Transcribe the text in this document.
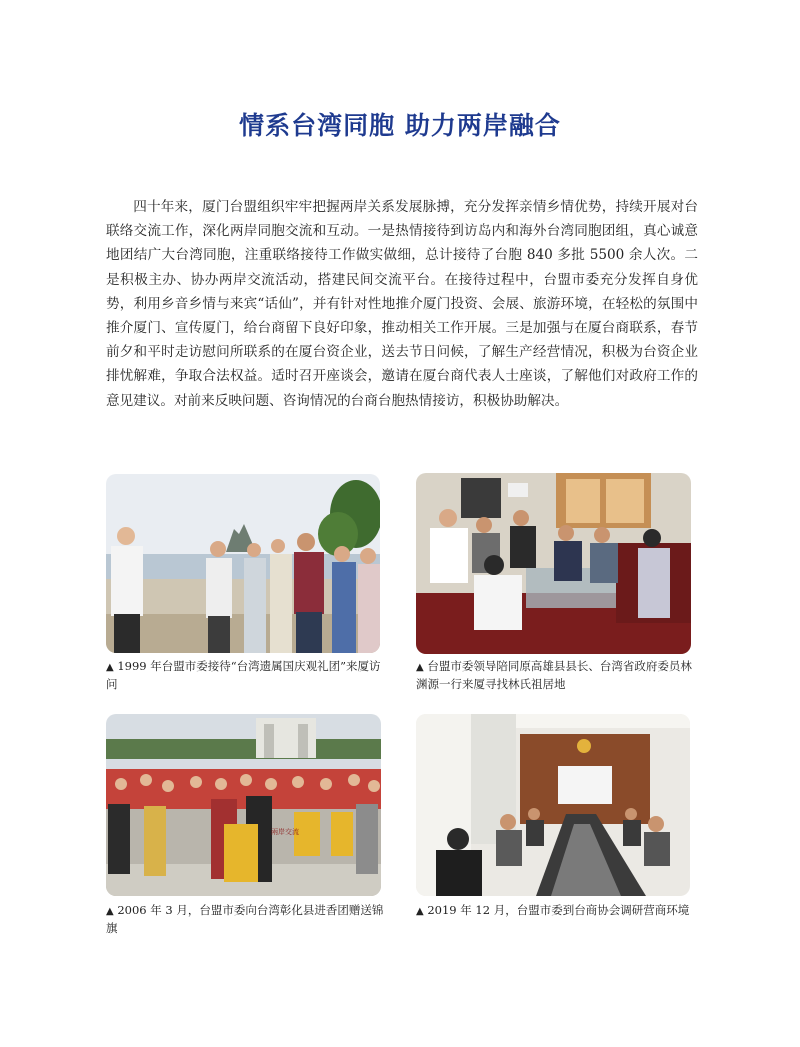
情系台湾同胞 助力两岸融合

四十年来，厦门台盟组织牢牢把握两岸关系发展脉搏，充分发挥亲情乡情优势，持续开展对台联络交流工作，深化两岸同胞交流和互动。一是热情接待到访岛内和海外台湾同胞团组，真心诚意地团结广大台湾同胞，注重联络接待工作做实做细，总计接待了台胞 840 多批 5500 余人次。二是积极主办、协办两岸交流活动，搭建民间交流平台。在接待过程中，台盟市委充分发挥自身优势，利用乡音乡情与来宾“话仙”，并有针对性地推介厦门投资、会展、旅游环境，在轻松的氛围中推介厦门、宣传厦门，给台商留下良好印象，推动相关工作开展。三是加强与在厦台商联系，春节前夕和平时走访慰问所联系的在厦台资企业，送去节日问候，了解生产经营情况，积极为台资企业排忧解难，争取合法权益。适时召开座谈会，邀请在厦台商代表人士座谈，了解他们对政府工作的意见建议。对前来反映问题、咨询情况的台商台胞热情接访，积极协助解决。

▲ 1999 年台盟市委接待“台湾遗属国庆观礼团”来厦访问

▲ 台盟市委领导陪同原高雄县县长、台湾省政府委员林渊源一行来厦寻找林氏祖居地

兩岸交流

▲ 2006 年 3 月，台盟市委向台湾彰化县进香团赠送锦旗

▲ 2019 年 12 月，台盟市委到台商协会调研营商环境
